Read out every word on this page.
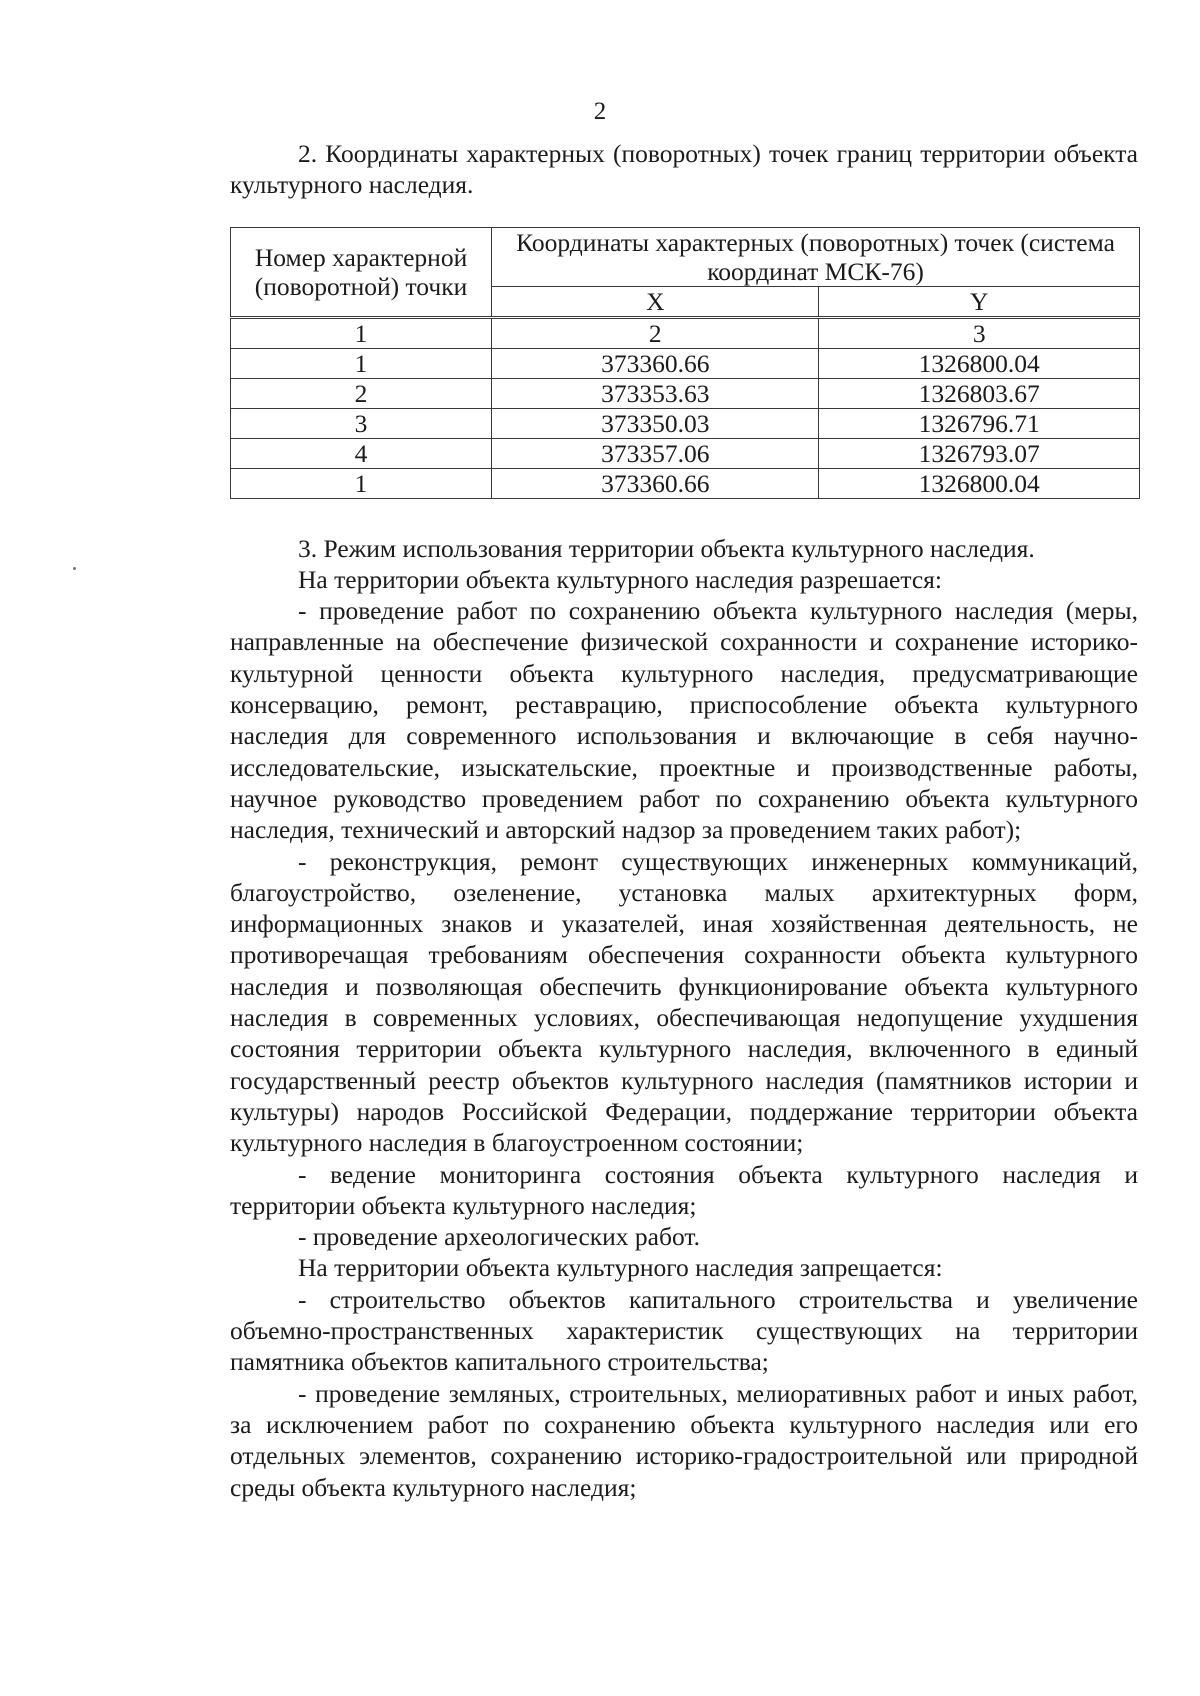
2

2. Координаты характерных (поворотных) точек границ территории объекта культурного наследия.

Номер характерной (поворотной) точки	Координаты характерных (поворотных) точек (система координат МСК-76)	
	X	Y
1	2	3
1	373360.66	1326800.04
2	373353.63	1326803.67
3	373350.03	1326796.71
4	373357.06	1326793.07
1	373360.66	1326800.04

3. Режим использования территории объекта культурного наследия.

На территории объекта культурного наследия разрешается:

- проведение работ по сохранению объекта культурного наследия (меры, направленные на обеспечение физической сохранности и сохранение историко-культурной ценности объекта культурного наследия, предусматривающие консервацию, ремонт, реставрацию, приспособление объекта культурного наследия для современного использования и включающие в себя научно-исследовательские, изыскательские, проектные и производственные работы, научное руководство проведением работ по сохранению объекта культурного наследия, технический и авторский надзор за проведением таких работ);

- реконструкция, ремонт существующих инженерных коммуникаций, благоустройство, озеленение, установка малых архитектурных форм, информационных знаков и указателей, иная хозяйственная деятельность, не противоречащая требованиям обеспечения сохранности объекта культурного наследия и позволяющая обеспечить функционирование объекта культурного наследия в современных условиях, обеспечивающая недопущение ухудшения состояния территории объекта культурного наследия, включенного в единый государственный реестр объектов культурного наследия (памятников истории и культуры) народов Российской Федерации, поддержание территории объекта культурного наследия в благоустроенном состоянии;

- ведение мониторинга состояния объекта культурного наследия и территории объекта культурного наследия;

- проведение археологических работ.

На территории объекта культурного наследия запрещается:

- строительство объектов капитального строительства и увеличение объемно-пространственных характеристик существующих на территории памятника объектов капитального строительства;

- проведение земляных, строительных, мелиоративных работ и иных работ, за исключением работ по сохранению объекта культурного наследия или его отдельных элементов, сохранению историко-градостроительной или природной среды объекта культурного наследия;
